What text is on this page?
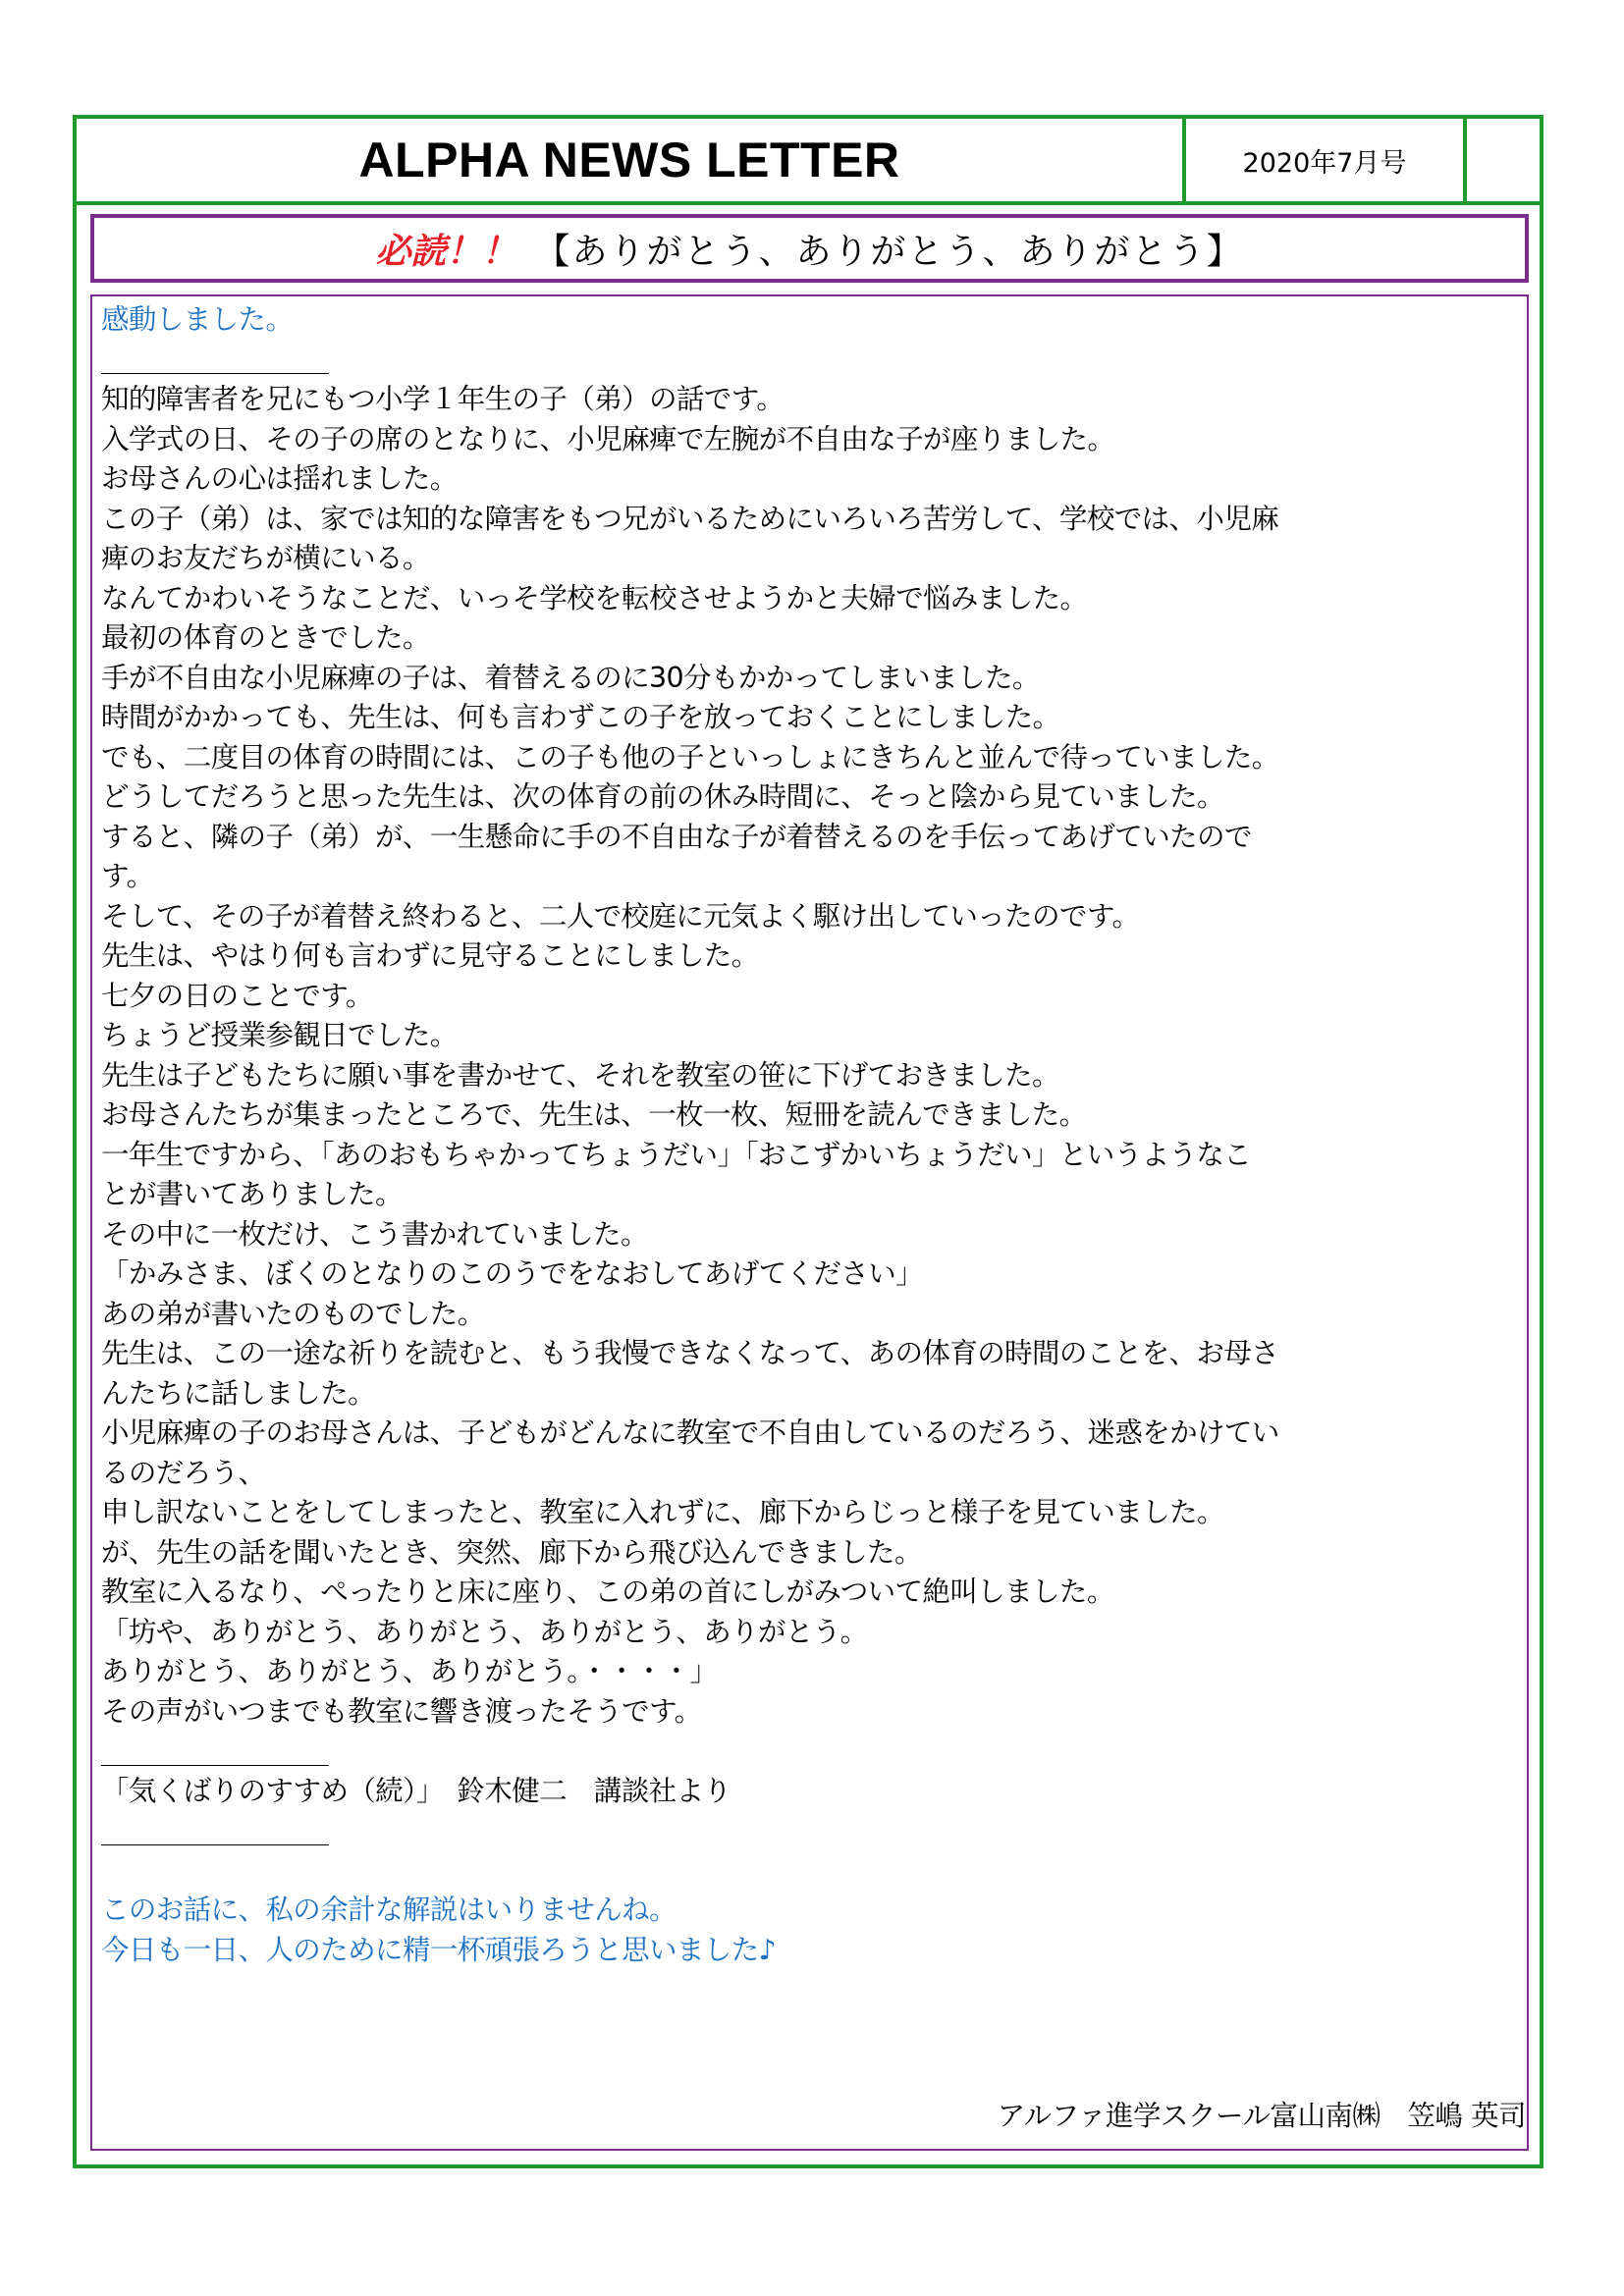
ALPHA NEWS LETTER	2020年7月号
必読！！ 【ありがとう、ありがとう、ありがとう】
感動しました。
知的障害者を兄にもつ小学１年生の子（弟）の話です。
入学式の日、その子の席のとなりに、小児麻痺で左腕が不自由な子が座りました。
お母さんの心は揺れました。
この子（弟）は、家では知的な障害をもつ兄がいるためにいろいろ苦労して、学校では、小児麻
痺のお友だちが横にいる。
なんてかわいそうなことだ、いっそ学校を転校させようかと夫婦で悩みました。
最初の体育のときでした。
手が不自由な小児麻痺の子は、着替えるのに30分もかかってしまいました。
時間がかかっても、先生は、何も言わずこの子を放っておくことにしました。
でも、二度目の体育の時間には、この子も他の子といっしょにきちんと並んで待っていました。
どうしてだろうと思った先生は、次の体育の前の休み時間に、そっと陰から見ていました。
すると、隣の子（弟）が、一生懸命に手の不自由な子が着替えるのを手伝ってあげていたので
す。
そして、その子が着替え終わると、二人で校庭に元気よく駆け出していったのです。
先生は、やはり何も言わずに見守ることにしました。
七夕の日のことです。
ちょうど授業参観日でした。
先生は子どもたちに願い事を書かせて、それを教室の笹に下げておきました。
お母さんたちが集まったところで、先生は、一枚一枚、短冊を読んできました。
一年生ですから、「あのおもちゃかってちょうだい」「おこずかいちょうだい」というようなこ
とが書いてありました。
その中に一枚だけ、こう書かれていました。
「かみさま、ぼくのとなりのこのうでをなおしてあげてください」
あの弟が書いたのものでした。
先生は、この一途な祈りを読むと、もう我慢できなくなって、あの体育の時間のことを、お母さ
んたちに話しました。
小児麻痺の子のお母さんは、子どもがどんなに教室で不自由しているのだろう、迷惑をかけてい
るのだろう、
申し訳ないことをしてしまったと、教室に入れずに、廊下からじっと様子を見ていました。
が、先生の話を聞いたとき、突然、廊下から飛び込んできました。
教室に入るなり、ぺったりと床に座り、この弟の首にしがみついて絶叫しました。
「坊や、ありがとう、ありがとう、ありがとう、ありがとう。
ありがとう、ありがとう、ありがとう。・・・・」
その声がいつまでも教室に響き渡ったそうです。
「気くばりのすすめ（続）」　鈴木健二　講談社より
このお話に、私の余計な解説はいりませんね。
今日も一日、人のために精一杯頑張ろうと思いました♪
アルファ進学スクール富山南㈱　笠嶋 英司
